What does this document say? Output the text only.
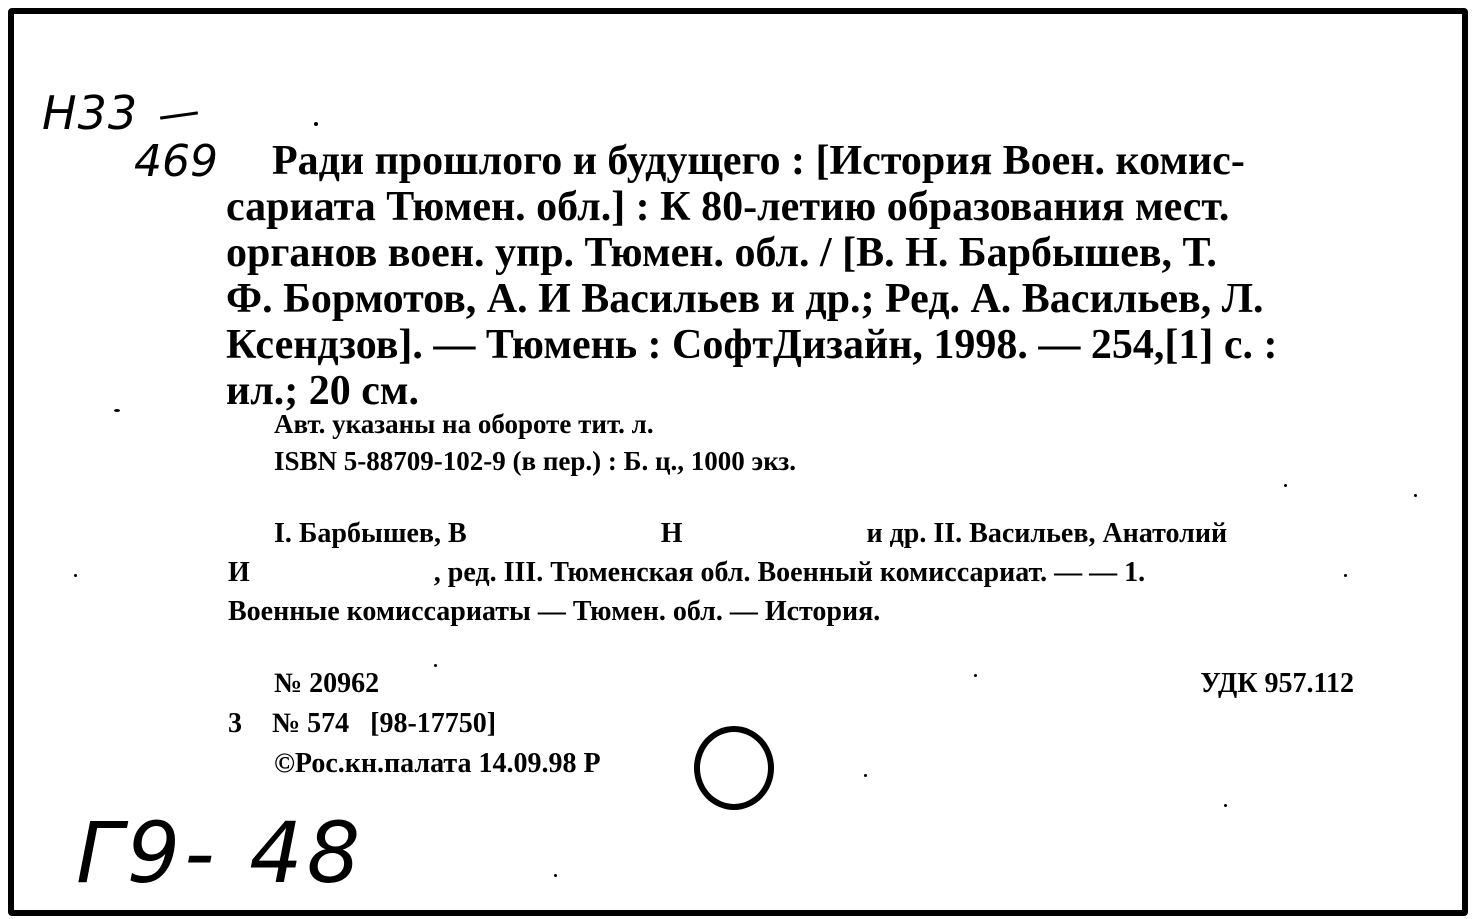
Н33
469	Ради прошлого и будущего : [История Воен. комис-
сариата Тюмен. обл.] : К 80-летию образования мест.
органов воен. упр. Тюмен. обл. / [В. Н. Барбышев, Т.
Ф. Бормотов, А. И Васильев и др.; Ред. А. Васильев, Л.
Ксендзов]. — Тюмень : СофтДизайн, 1998. — 254,[1] с. :
ил.; 20 см.
Авт. указаны на обороте тит. л.
ISBN 5-88709-102-9 (в пер.) : Б. ц., 1000 экз.
I. Барбышев, В	Н	и др. II. Васильев, Анатолий
И	, ред. III. Тюменская обл. Военный комиссариат. — — 1.
Военные комиссариаты — Тюмен. обл. — История.
№ 20962
3 № 574   [98-17750]
©Рос.кн.палата 14.09.98 Р
УДК 957.112
Г9- 48
